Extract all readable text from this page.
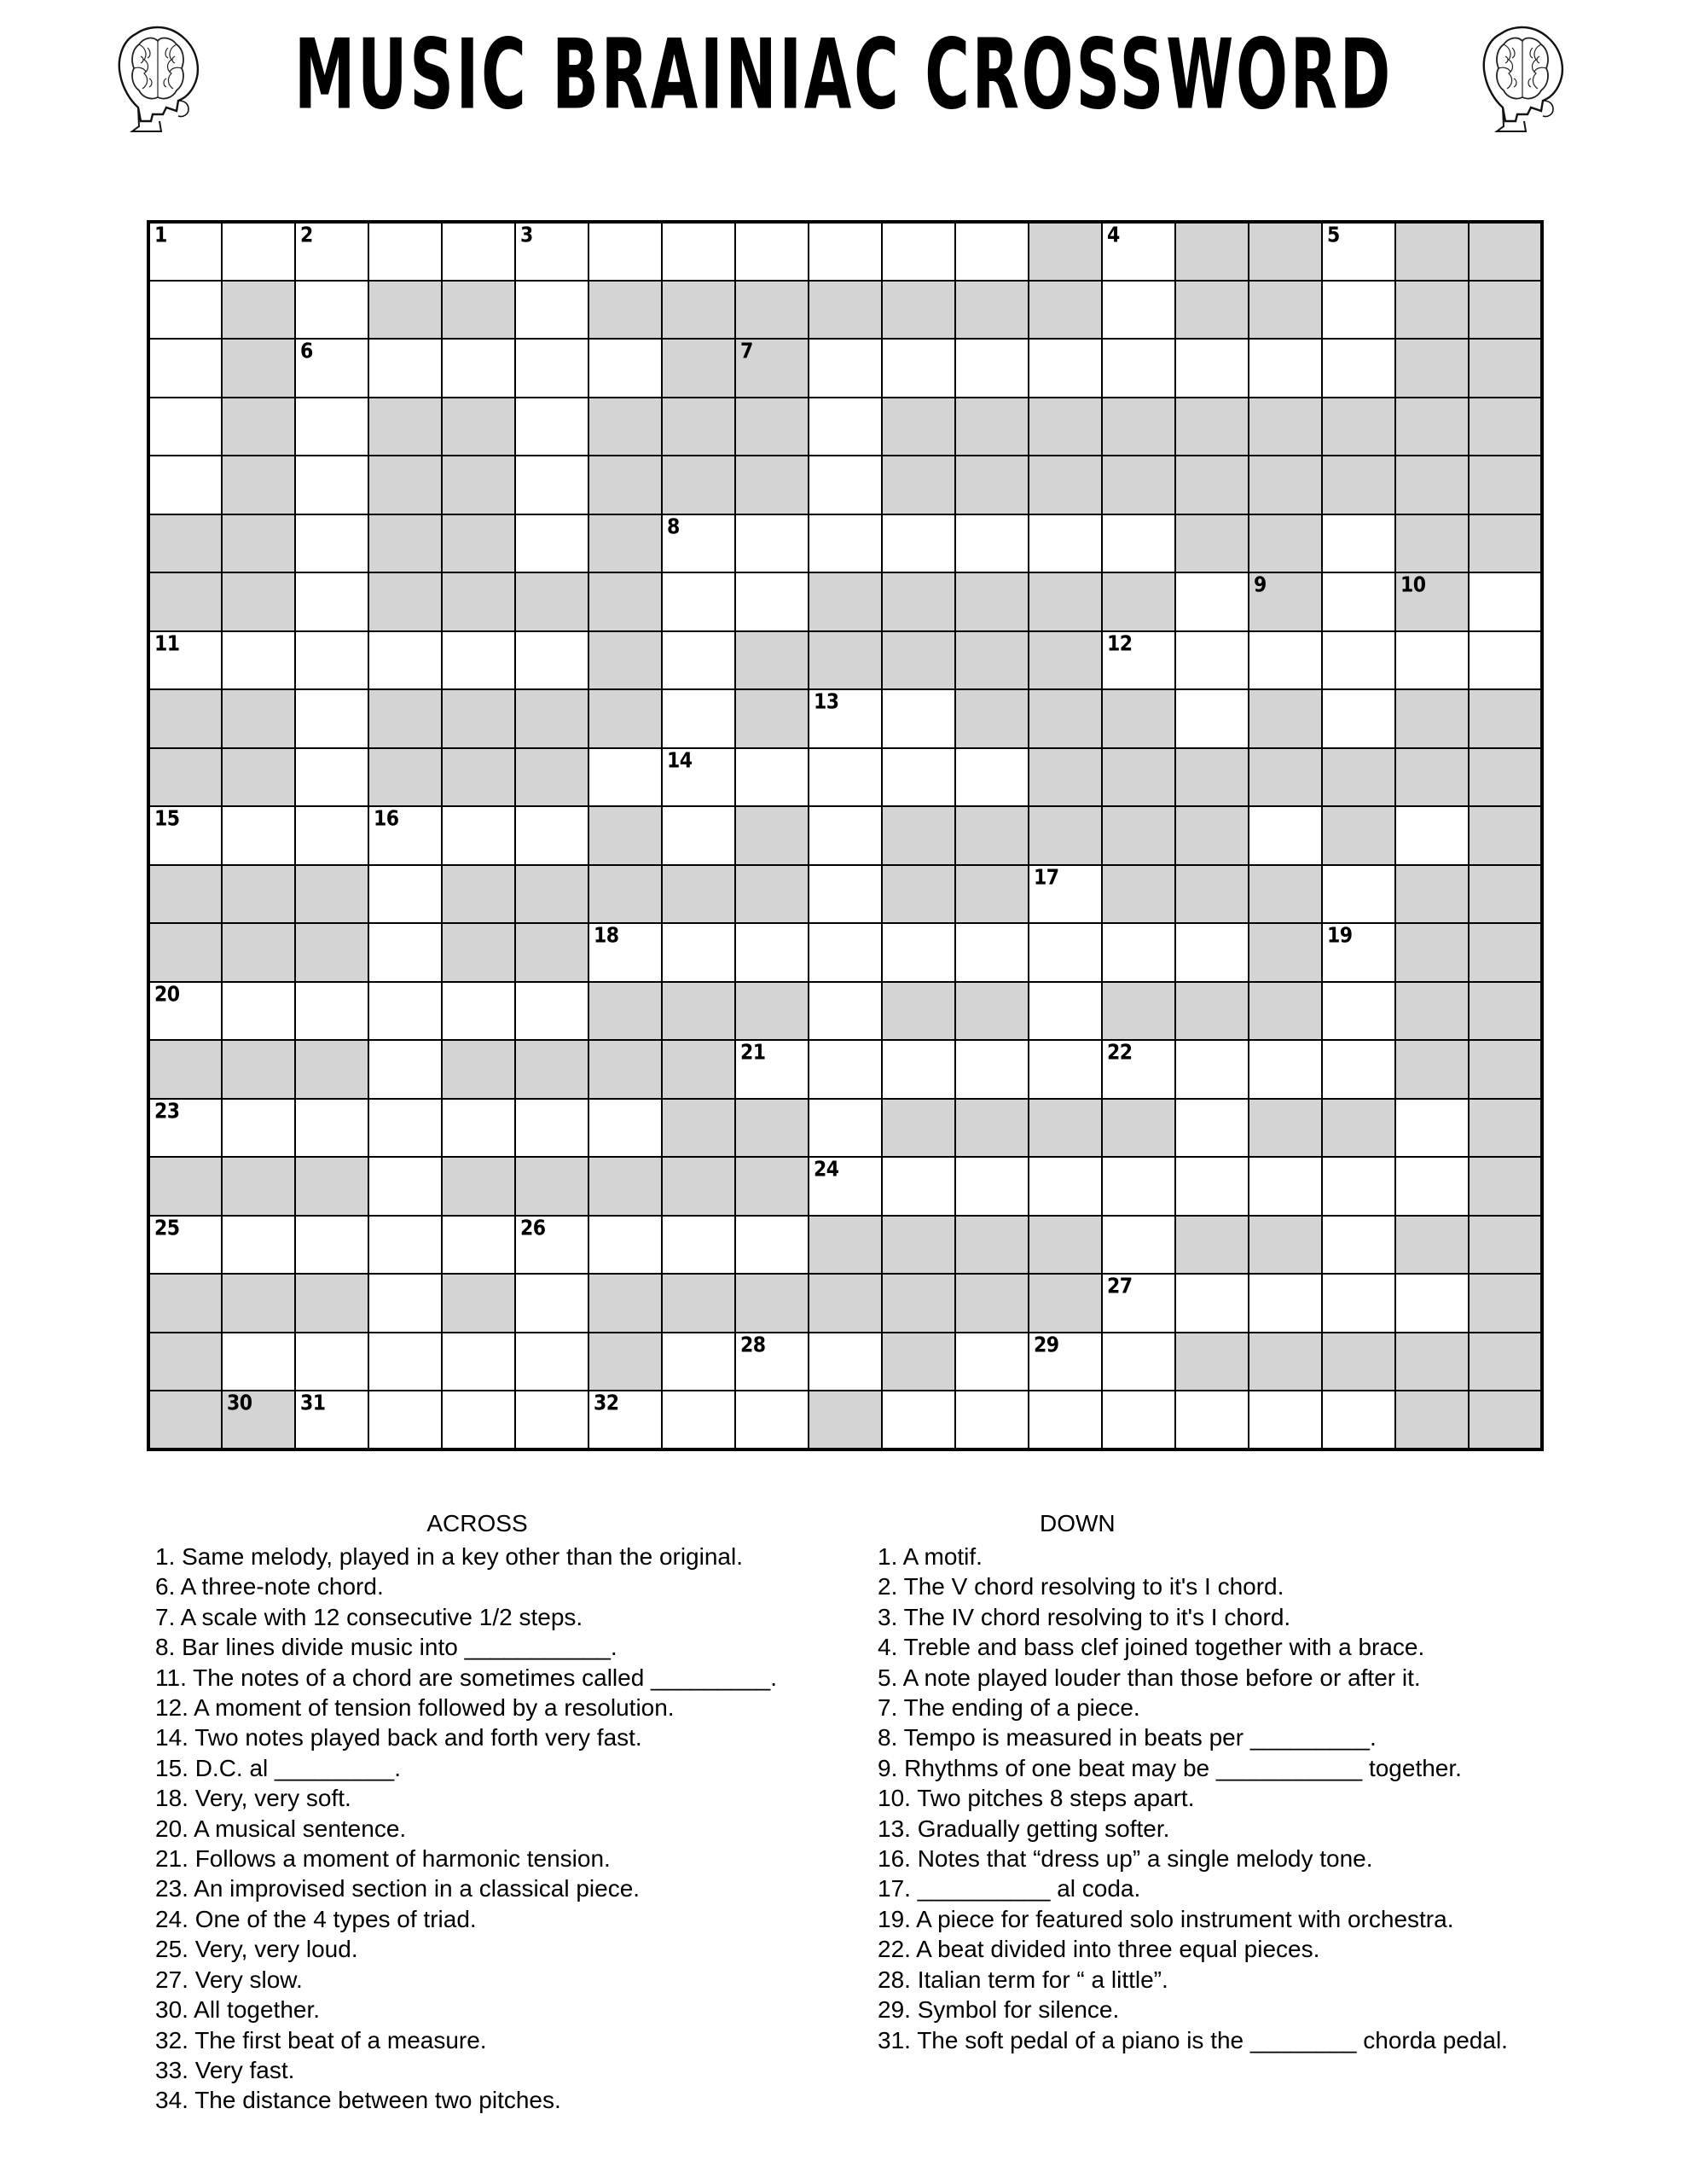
MUSIC BRAINIAC CROSSWORD
1		2			3								4			5		

		6						7										

							8											

															9		10	

11													12					

									13									

							14											

15			16															

												17						

						18										19		

20																		

								21					22					

23																		

									24									

25					26													

													27					

								28				29						

	30	31				32												

ACROSS
1. Same melody, played in a key other than the original.
6. A three-note chord.
7. A scale with 12 consecutive 1/2 steps.
8. Bar lines divide music into ___________.
11. The notes of a chord are sometimes called _________.
12. A moment of tension followed by a resolution.
14. Two notes played back and forth very fast.
15. D.C. al _________.
18. Very, very soft.
20. A musical sentence.
21. Follows a moment of harmonic tension.
23. An improvised section in a classical piece.
24. One of the 4 types of triad.
25. Very, very loud.
27. Very slow.
30. All together.
32. The first beat of a measure.
33. Very fast.
34. The distance between two pitches.
DOWN
1. A motif.
2. The V chord resolving to it's I chord.
3. The IV chord resolving to it's I chord.
4. Treble and bass clef joined together with a brace.
5. A note played louder than those before or after it.
7. The ending of a piece.
8. Tempo is measured in beats per _________.
9. Rhythms of one beat may be ___________ together.
10. Two pitches 8 steps apart.
13. Gradually getting softer.
16. Notes that “dress up” a single melody tone.
17. __________ al coda.
19. A piece for featured solo instrument with orchestra.
22. A beat divided into three equal pieces.
28. Italian term for “ a little”.
29. Symbol for silence.
31. The soft pedal of a piano is the ________ chorda pedal.
